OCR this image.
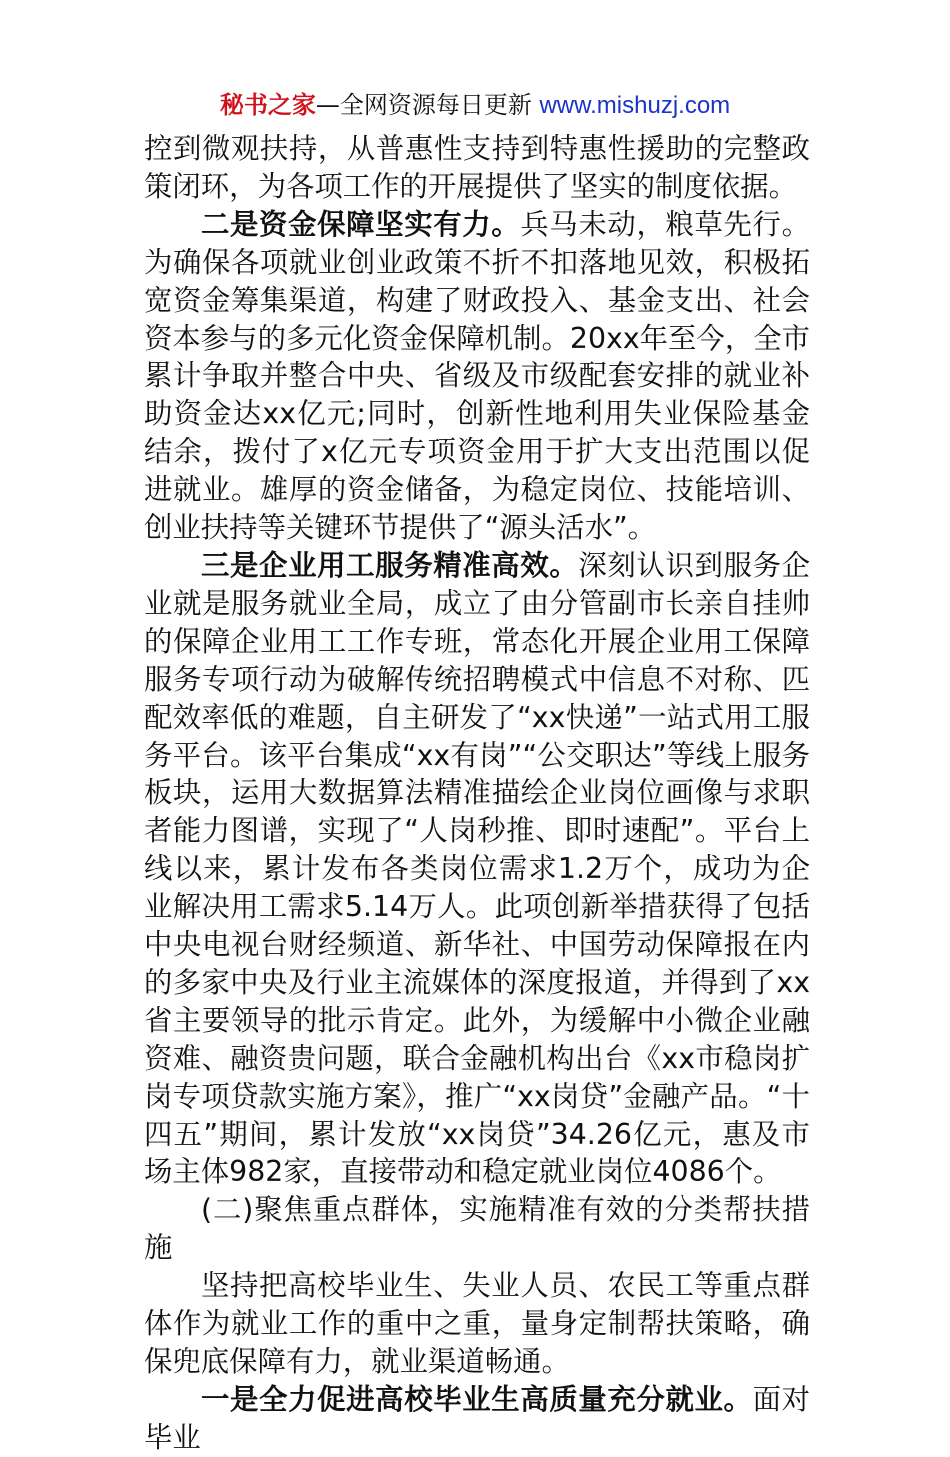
秘书之家—全网资源每日更新 www.mishuzj.com

控到微观扶持，从普惠性支持到特惠性援助的完整政策闭环，为各项工作的开展提供了坚实的制度依据。

二是资金保障坚实有力。兵马未动，粮草先行。为确保各项就业创业政策不折不扣落地见效，积极拓宽资金筹集渠道，构建了财政投入、基金支出、社会资本参与的多元化资金保障机制。20xx年至今，全市累计争取并整合中央、省级及市级配套安排的就业补助资金达xx亿元;同时，创新性地利用失业保险基金结余，拨付了x亿元专项资金用于扩大支出范围以促进就业。雄厚的资金储备，为稳定岗位、技能培训、创业扶持等关键环节提供了“源头活水”。

三是企业用工服务精准高效。深刻认识到服务企业就是服务就业全局，成立了由分管副市长亲自挂帅的保障企业用工工作专班，常态化开展企业用工保障服务专项行动为破解传统招聘模式中信息不对称、匹配效率低的难题，自主研发了“xx快递”一站式用工服务平台。该平台集成“xx有岗”“公交职达”等线上服务板块，运用大数据算法精准描绘企业岗位画像与求职者能力图谱，实现了“人岗秒推、即时速配”。平台上线以来，累计发布各类岗位需求1.2万个，成功为企业解决用工需求5.14万人。此项创新举措获得了包括中央电视台财经频道、新华社、中国劳动保障报在内的多家中央及行业主流媒体的深度报道，并得到了xx省主要领导的批示肯定。此外，为缓解中小微企业融资难、融资贵问题，联合金融机构出台《xx市稳岗扩岗专项贷款实施方案》，推广“xx岗贷”金融产品。“十四五”期间，累计发放“xx岗贷”34.26亿元，惠及市场主体982家，直接带动和稳定就业岗位4086个。

(二)聚焦重点群体，实施精准有效的分类帮扶措施

坚持把高校毕业生、失业人员、农民工等重点群体作为就业工作的重中之重，量身定制帮扶策略，确保兜底保障有力，就业渠道畅通。

一是全力促进高校毕业生高质量充分就业。面对毕业
